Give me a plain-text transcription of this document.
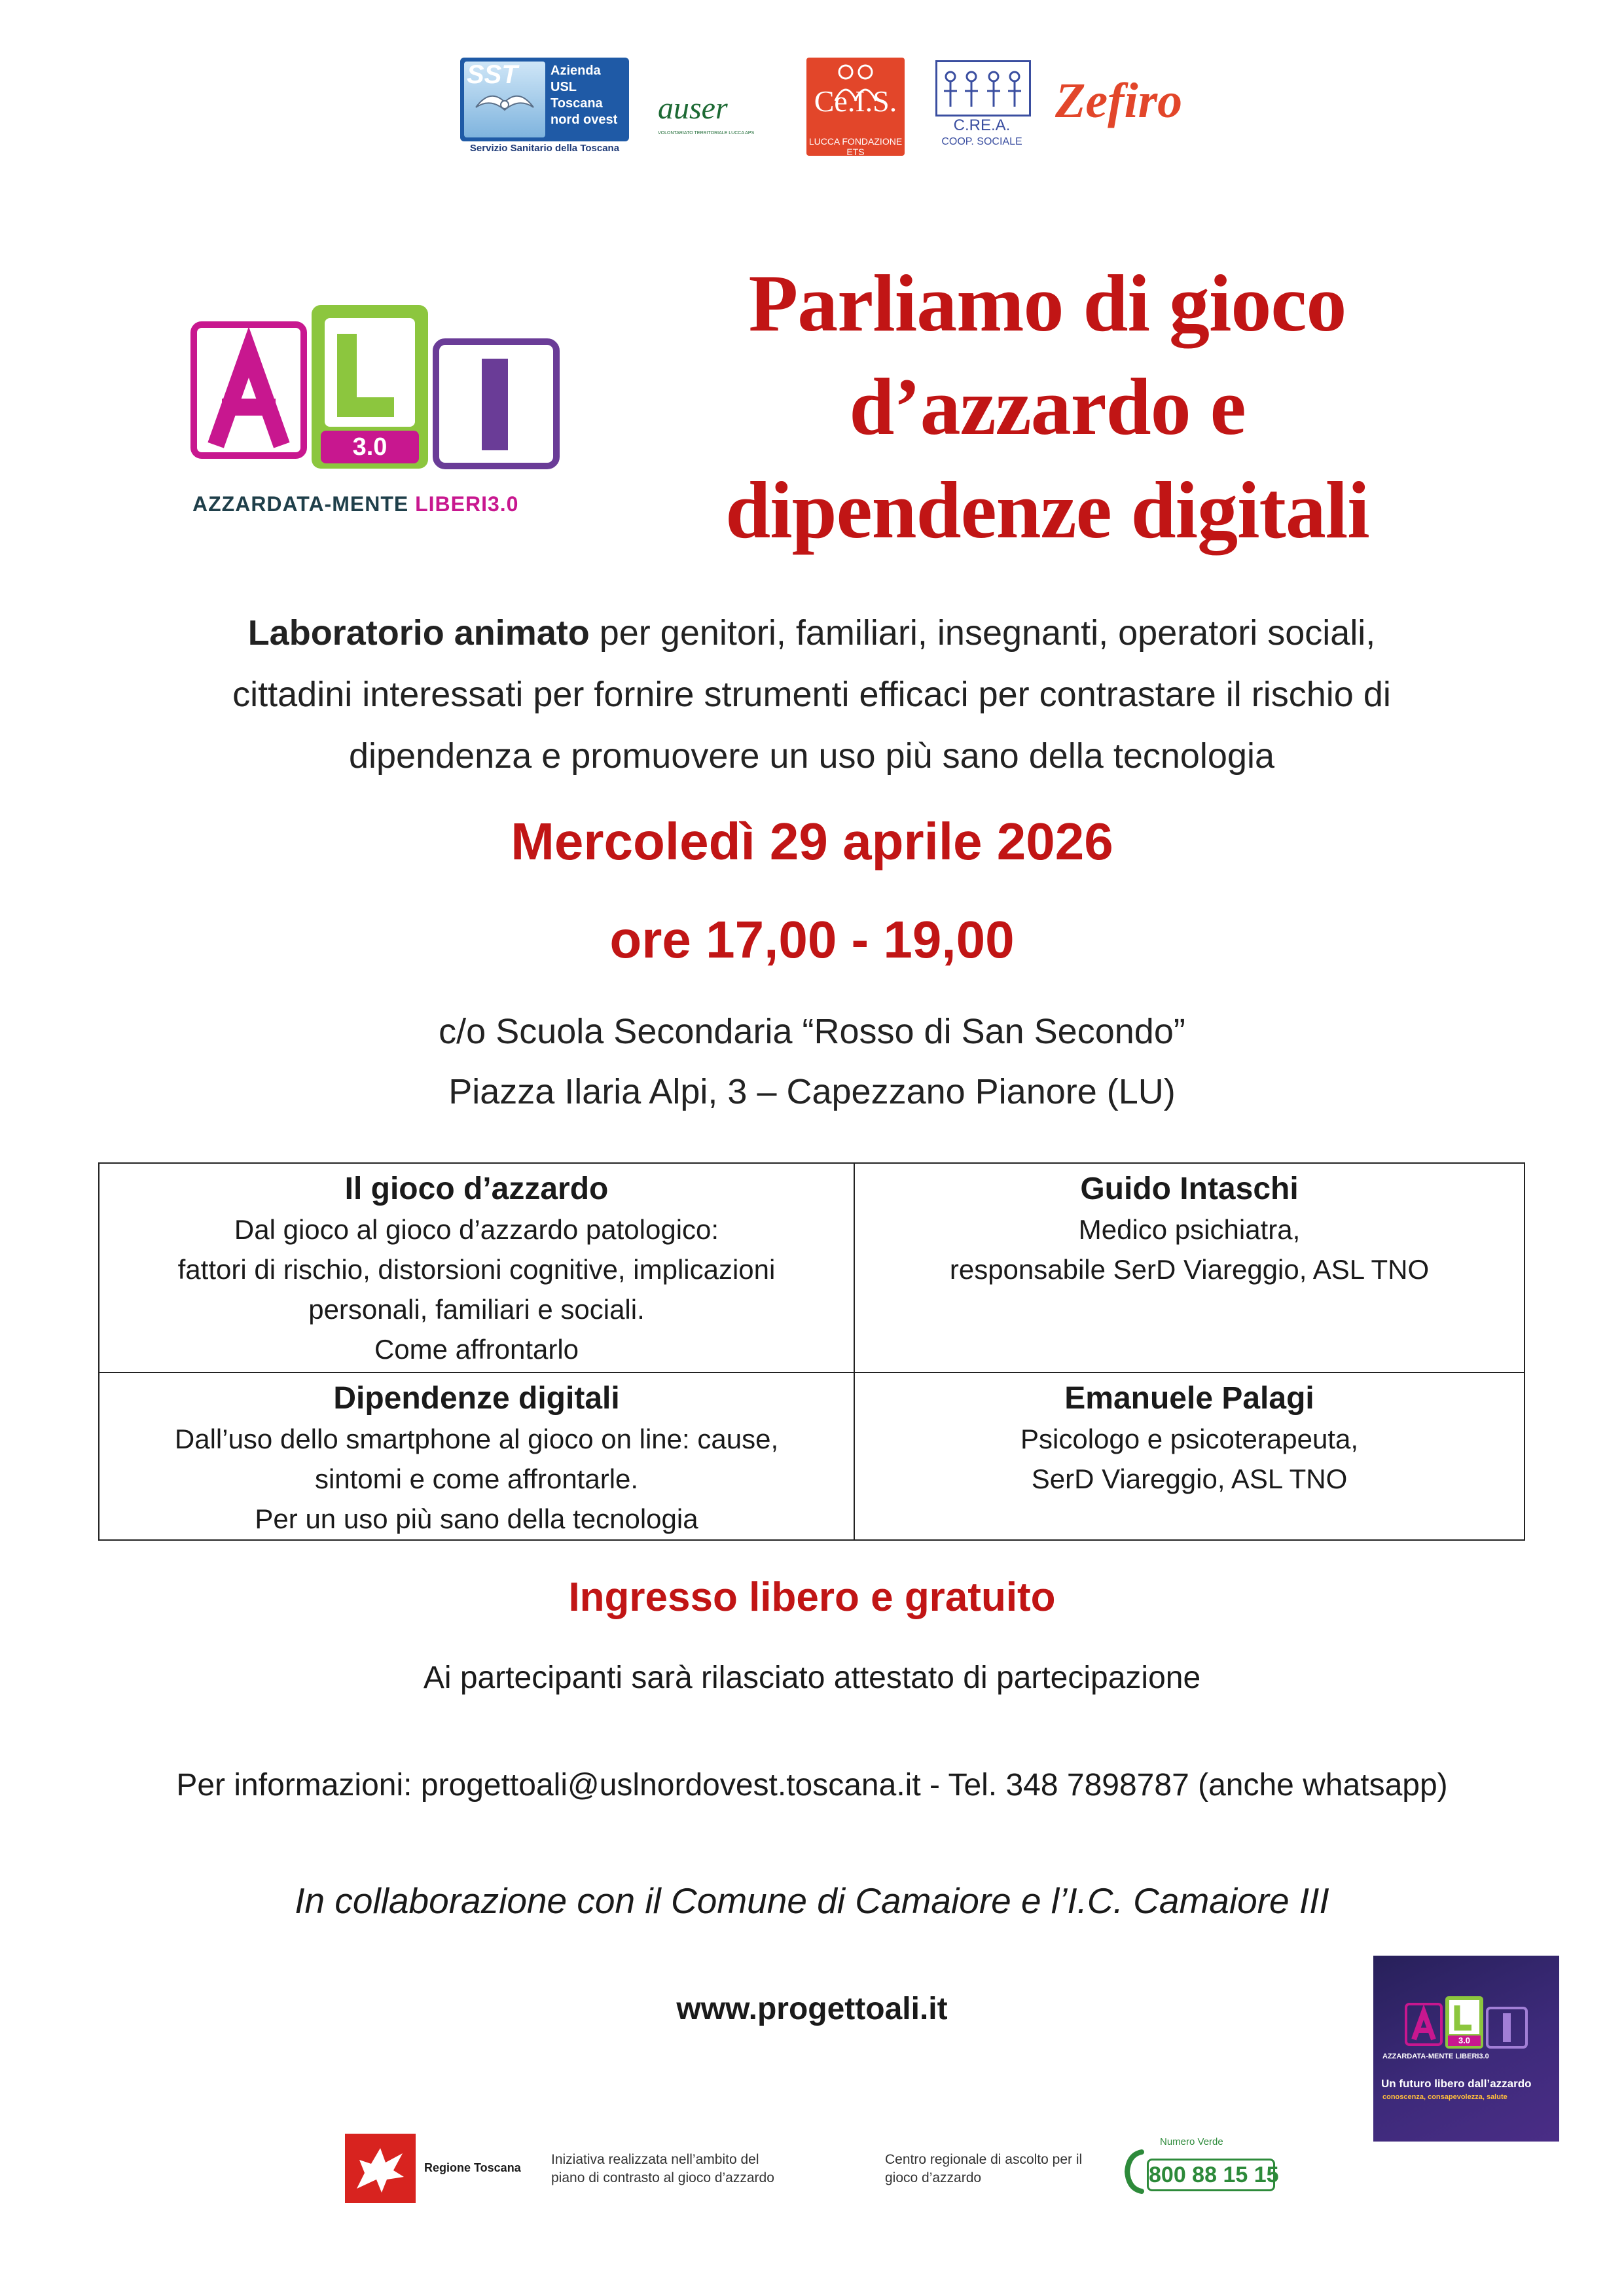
SST	Azienda
USL
Toscana
nord ovest
Servizio Sanitario della Toscana
auser
VOLONTARIATO TERRITORIALE LUCCA APS
Ce.I.S.
LUCCA FONDAZIONE ETS
C.RE.A.
COOP. SOCIALE
Zefiro
3.0
AZZARDATA-MENTE LIBERI3.0
Parliamo di gioco
d’azzardo e
dipendenze digitali
Laboratorio animato per genitori, familiari, insegnanti, operatori sociali,
cittadini interessati per fornire strumenti efficaci per contrastare il rischio di
dipendenza e promuovere un uso più sano della tecnologia
Mercoledì 29 aprile 2026
ore 17,00 - 19,00
c/o Scuola Secondaria “Rosso di San Secondo”
Piazza Ilaria Alpi, 3 – Capezzano Pianore (LU)
Il gioco d’azzardo
Dal gioco al gioco d’azzardo patologico:
fattori di rischio, distorsioni cognitive, implicazioni
personali, familiari e sociali.
Come affrontarlo
Guido Intaschi
Medico psichiatra,
responsabile SerD Viareggio, ASL TNO
Dipendenze digitali
Dall’uso dello smartphone al gioco on line: cause,
sintomi e come affrontarle.
Per un uso più sano della tecnologia
Emanuele Palagi
Psicologo e psicoterapeuta,
SerD Viareggio, ASL TNO
Ingresso libero e gratuito
Ai partecipanti sarà rilasciato attestato di partecipazione
Per informazioni: progettoali@uslnordovest.toscana.it - Tel. 348 7898787 (anche whatsapp)
In collaborazione con il Comune di Camaiore e l’I.C. Camaiore III
www.progettoali.it
3.0
AZZARDATA-MENTE LIBERI3.0
Un futuro libero dall’azzardo
conoscenza, consapevolezza, salute
Regione Toscana
Iniziativa realizzata nell’ambito del
piano di contrasto al gioco d’azzardo
Centro regionale di ascolto per il
gioco d’azzardo
Numero Verde
800 88 15 15
